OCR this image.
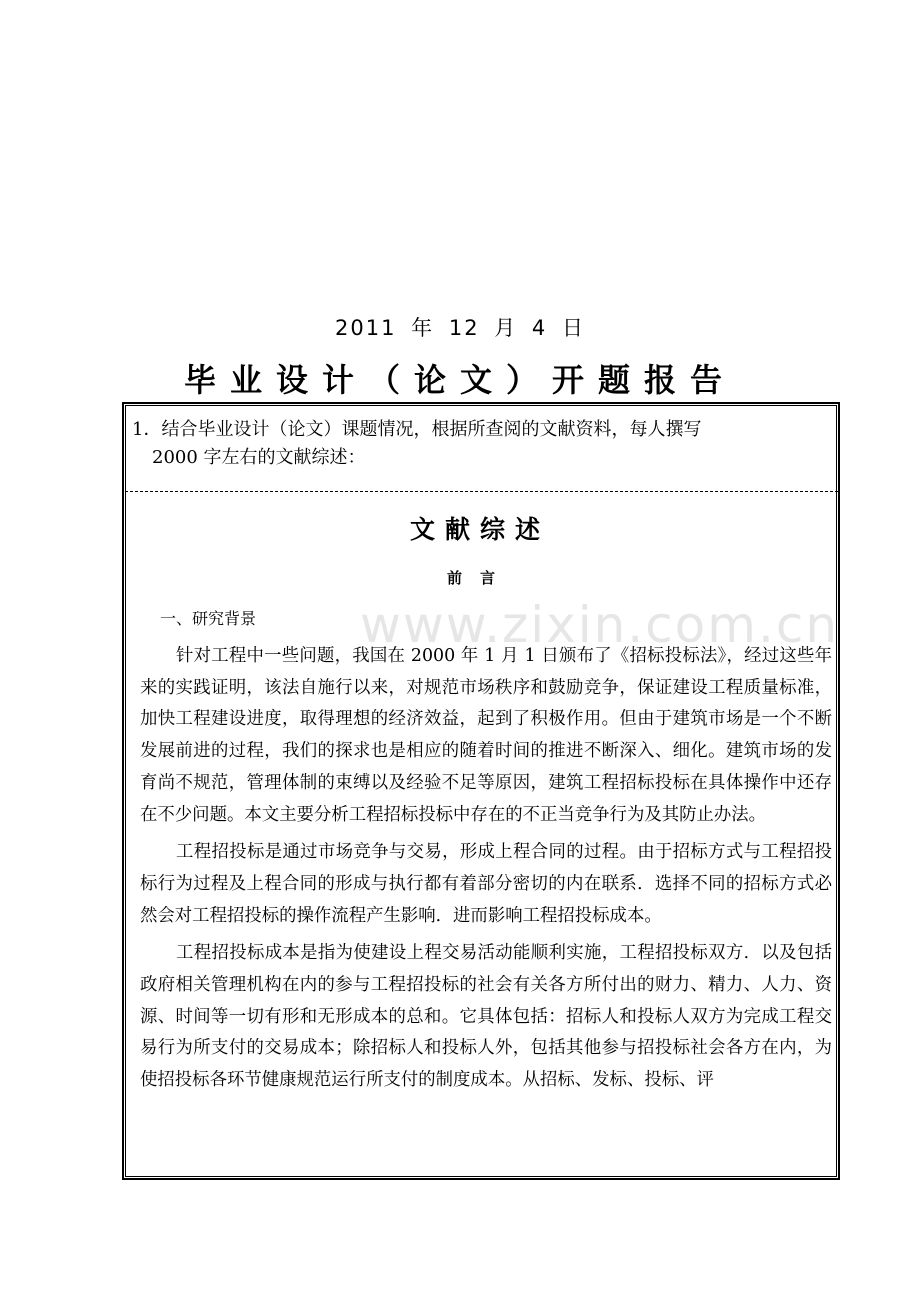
2011 年 12 月 4 日
毕业设计（论文）开题报告
1．结合毕业设计（论文）课题情况，根据所查阅的文献资料，每人撰写
2000 字左右的文献综述：
www.zixin.com.cn
文献综述
前言
一、研究背景

针对工程中一些问题，我国在 2000 年 1 月 1 日颁布了《招标投标法》，经过这些年来的实践证明，该法自施行以来，对规范市场秩序和鼓励竞争，保证建设工程质量标准，加快工程建设进度，取得理想的经济效益，起到了积极作用。但由于建筑市场是一个不断发展前进的过程，我们的探求也是相应的随着时间的推进不断深入、细化。建筑市场的发育尚不规范，管理体制的束缚以及经验不足等原因，建筑工程招标投标在具体操作中还存在不少问题。本文主要分析工程招标投标中存在的不正当竞争行为及其防止办法。

工程招投标是通过市场竞争与交易，形成上程合同的过程。由于招标方式与工程招投标行为过程及上程合同的形成与执行都有着部分密切的内在联系．选择不同的招标方式必然会对工程招投标的操作流程产生影响．进而影响工程招投标成本。

工程招投标成本是指为使建设上程交易活动能顺利实施，工程招投标双方．以及包括政府相关管理机构在内的参与工程招投标的社会有关各方所付出的财力、精力、人力、资源、时间等一切有形和无形成本的总和。它具体包括：招标人和投标人双方为完成工程交易行为所支付的交易成本；除招标人和投标人外，包括其他参与招投标社会各方在内，为使招投标各环节健康规范运行所支付的制度成本。从招标、发标、投标、评
